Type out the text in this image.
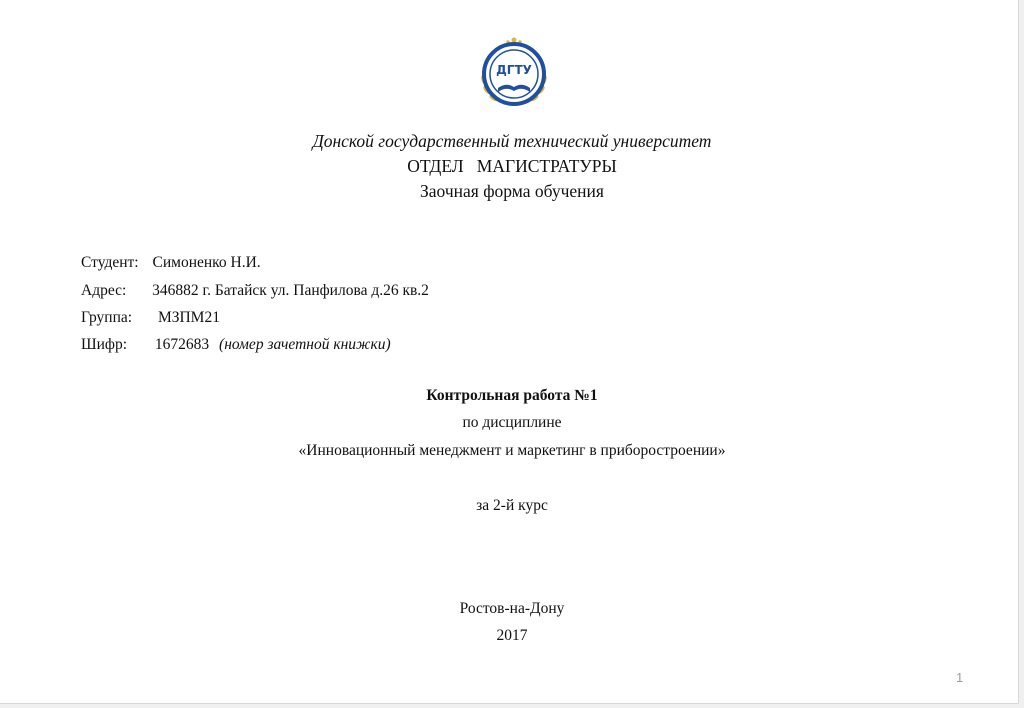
ДГТУ
Донской государственный технический университет
ОТДЕЛ   МАГИСТРАТУРЫ
Заочная форма обучения
Студент: Симоненко Н.И.
Адрес: 346882 г. Батайск ул. Панфилова д.26 кв.2
Группа: МЗПМ21
Шифр: 1672683 (номер зачетной книжки)
Контрольная работа №1
по дисциплине
«Инновационный менеджмент и маркетинг в приборостроении»
за 2-й курс
Ростов-на-Дону
2017
1
